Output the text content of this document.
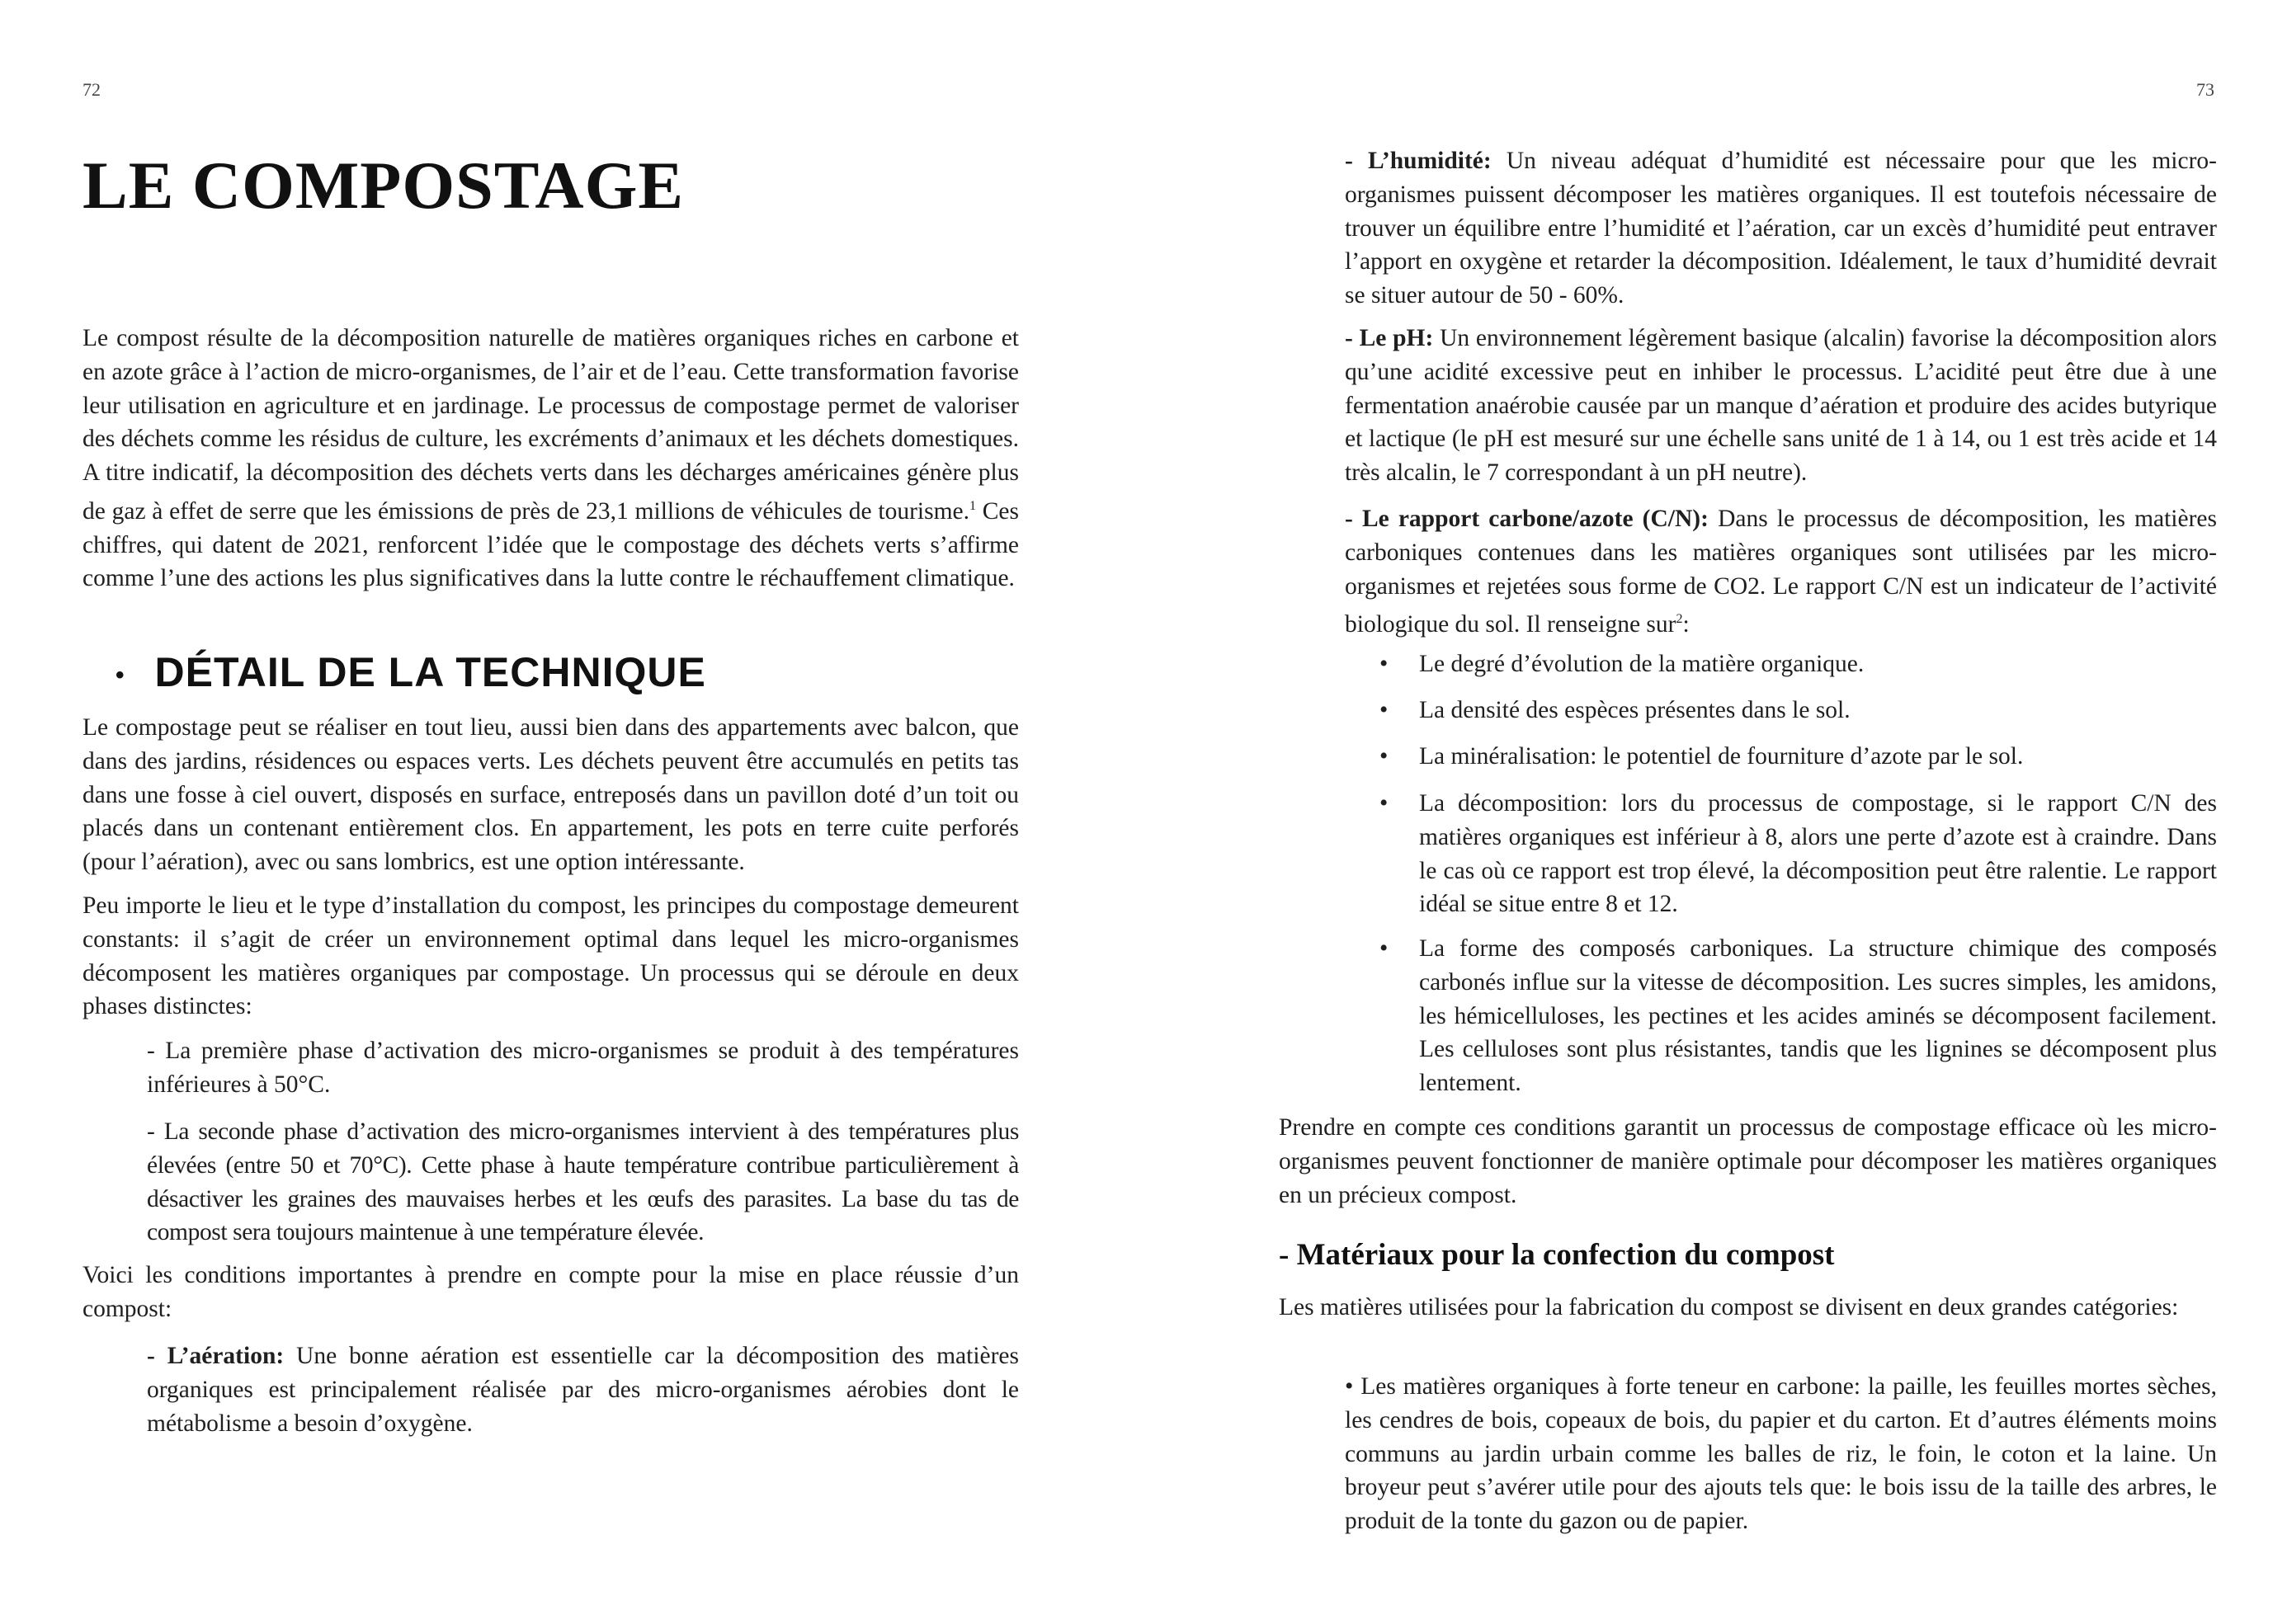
72
LE COMPOSTAGE

Le compost résulte de la décomposition naturelle de matières organiques riches en carbone et en azote grâce à l’action de micro-organismes, de l’air et de l’eau. Cette transformation favorise leur utilisation en agriculture et en jardinage. Le processus de compostage permet de valoriser des déchets comme les résidus de culture, les excréments d’animaux et les déchets domestiques. A titre indicatif, la décomposition des déchets verts dans les décharges américaines génère plus de gaz à effet de serre que les émissions de près de 23,1 millions de véhicules de tourisme.$^1$ Ces chiffres, qui datent de 2021, renforcent l’idée que le compostage des déchets verts s’affirme comme l’une des actions les plus significatives dans la lutte contre le réchauffement climatique.

• DÉTAIL DE LA TECHNIQUE

Le compostage peut se réaliser en tout lieu, aussi bien dans des appartements avec balcon, que dans des jardins, résidences ou espaces verts. Les déchets peuvent être accumulés en petits tas dans une fosse à ciel ouvert, disposés en surface, entreposés dans un pavillon doté d’un toit ou placés dans un contenant entièrement clos. En appartement, les pots en terre cuite perforés (pour l’aération), avec ou sans lombrics, est une option intéressante.

Peu importe le lieu et le type d’installation du compost, les principes du compostage demeurent constants: il s’agit de créer un environnement optimal dans lequel les micro-organismes décomposent les matières organiques par compostage. Un processus qui se déroule en deux phases distinctes:

- La première phase d’activation des micro-organismes se produit à des températures inférieures à 50°C.

- La seconde phase d’activation des micro-organismes intervient à des températures plus élevées (entre 50 et 70°C). Cette phase à haute température contribue particulièrement à désactiver les graines des mauvaises herbes et les œufs des parasites. La base du tas de compost sera toujours maintenue à une température élevée.

Voici les conditions importantes à prendre en compte pour la mise en place réussie d’un compost:

- L’aération: Une bonne aération est essentielle car la décomposition des matières organiques est principalement réalisée par des micro-organismes aérobies dont le métabolisme a besoin d’oxygène.

73

- L’humidité: Un niveau adéquat d’humidité est nécessaire pour que les micro-organismes puissent décomposer les matières organiques. Il est toutefois nécessaire de trouver un équilibre entre l’humidité et l’aération, car un excès d’humidité peut entraver l’apport en oxygène et retarder la décomposition. Idéalement, le taux d’humidité devrait se situer autour de 50 - 60%.

- Le pH: Un environnement légèrement basique (alcalin) favorise la décomposition alors qu’une acidité excessive peut en inhiber le processus. L’acidité peut être due à une fermentation anaérobie causée par un manque d’aération et produire des acides butyrique et lactique (le pH est mesuré sur une échelle sans unité de 1 à 14, ou 1 est très acide et 14 très alcalin, le 7 correspondant à un pH neutre).

- Le rapport carbone/azote (C/N): Dans le processus de décomposition, les matières carboniques contenues dans les matières organiques sont utilisées par les micro-organismes et rejetées sous forme de CO2. Le rapport C/N est un indicateur de l’activité biologique du sol. Il renseigne sur$^2$:

• Le degré d’évolution de la matière organique.
• La densité des espèces présentes dans le sol.
• La minéralisation: le potentiel de fourniture d’azote par le sol.
• La décomposition: lors du processus de compostage, si le rapport C/N des matières organiques est inférieur à 8, alors une perte d’azote est à craindre. Dans le cas où ce rapport est trop élevé, la décomposition peut être ralentie. Le rapport idéal se situe entre 8 et 12.
• La forme des composés carboniques. La structure chimique des composés carbonés influe sur la vitesse de décomposition. Les sucres simples, les amidons, les hémicelluloses, les pectines et les acides aminés se décomposent facilement. Les celluloses sont plus résistantes, tandis que les lignines se décomposent plus lentement.

Prendre en compte ces conditions garantit un processus de compostage efficace où les micro-organismes peuvent fonctionner de manière optimale pour décomposer les matières organiques en un précieux compost.

- Matériaux pour la confection du compost

Les matières utilisées pour la fabrication du compost se divisent en deux grandes catégories:

• Les matières organiques à forte teneur en carbone: la paille, les feuilles mortes sèches, les cendres de bois, copeaux de bois, du papier et du carton. Et d’autres éléments moins communs au jardin urbain comme les balles de riz, le foin, le coton et la laine. Un broyeur peut s’avérer utile pour des ajouts tels que: le bois issu de la taille des arbres, le produit de la tonte du gazon ou de papier.
